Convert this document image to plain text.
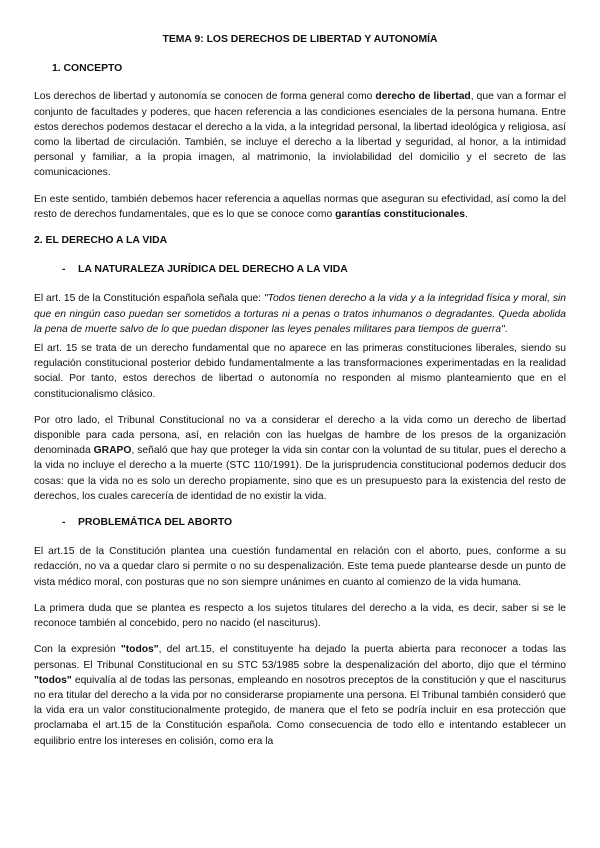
TEMA 9: LOS DERECHOS DE LIBERTAD Y AUTONOMÍA
1. CONCEPTO

Los derechos de libertad y autonomía se conocen de forma general como derecho de libertad, que van a formar el conjunto de facultades y poderes, que hacen referencia a las condiciones esenciales de la persona humana. Entre estos derechos podemos destacar el derecho a la vida, a la integridad personal, la libertad ideológica y religiosa, así como la libertad de circulación. También, se incluye el derecho a la libertad y seguridad, al honor, a la intimidad personal y familiar, a la propia imagen, al matrimonio, la inviolabilidad del domicilio y el secreto de las comunicaciones.

En este sentido, también debemos hacer referencia a aquellas normas que aseguran su efectividad, así como la del resto de derechos fundamentales, que es lo que se conoce como garantías constitucionales.

2. EL DERECHO A LA VIDA
-	LA NATURALEZA JURÍDICA DEL DERECHO A LA VIDA

El art. 15 de la Constitución española señala que: "Todos tienen derecho a la vida y a la integridad física y moral, sin que en ningún caso puedan ser sometidos a torturas ni a penas o tratos inhumanos o degradantes. Queda abolida la pena de muerte salvo de lo que puedan disponer las leyes penales militares para tiempos de guerra".

El art. 15 se trata de un derecho fundamental que no aparece en las primeras constituciones liberales, siendo su regulación constitucional posterior debido fundamentalmente a las transformaciones experimentadas en la realidad social. Por tanto, estos derechos de libertad o autonomía no responden al mismo planteamiento que en el constitucionalismo clásico.

Por otro lado, el Tribunal Constitucional no va a considerar el derecho a la vida como un derecho de libertad disponible para cada persona, así, en relación con las huelgas de hambre de los presos de la organización denominada GRAPO, señaló que hay que proteger la vida sin contar con la voluntad de su titular, pues el derecho a la vida no incluye el derecho a la muerte (STC 110/1991). De la jurisprudencia constitucional podemos deducir dos cosas: que la vida no es solo un derecho propiamente, sino que es un presupuesto para la existencia del resto de derechos, los cuales carecería de identidad de no existir la vida.

-	PROBLEMÁTICA DEL ABORTO

El art.15 de la Constitución plantea una cuestión fundamental en relación con el aborto, pues, conforme a su redacción, no va a quedar claro si permite o no su despenalización. Este tema puede plantearse desde un punto de vista médico moral, con posturas que no son siempre unánimes en cuanto al comienzo de la vida humana.

La primera duda que se plantea es respecto a los sujetos titulares del derecho a la vida, es decir, saber si se le reconoce también al concebido, pero no nacido (el nasciturus).

Con la expresión "todos", del art.15, el constituyente ha dejado la puerta abierta para reconocer a todas las personas. El Tribunal Constitucional en su STC 53/1985 sobre la despenalización del aborto, dijo que el término "todos" equivalía al de todas las personas, empleando en nosotros preceptos de la constitución y que el nasciturus no era titular del derecho a la vida por no considerarse propiamente una persona. El Tribunal también consideró que la vida era un valor constitucionalmente protegido, de manera que el feto se podría incluir en esa protección que proclamaba el art.15 de la Constitución española. Como consecuencia de todo ello e intentando establecer un equilibrio entre los intereses en colisión, como era la
